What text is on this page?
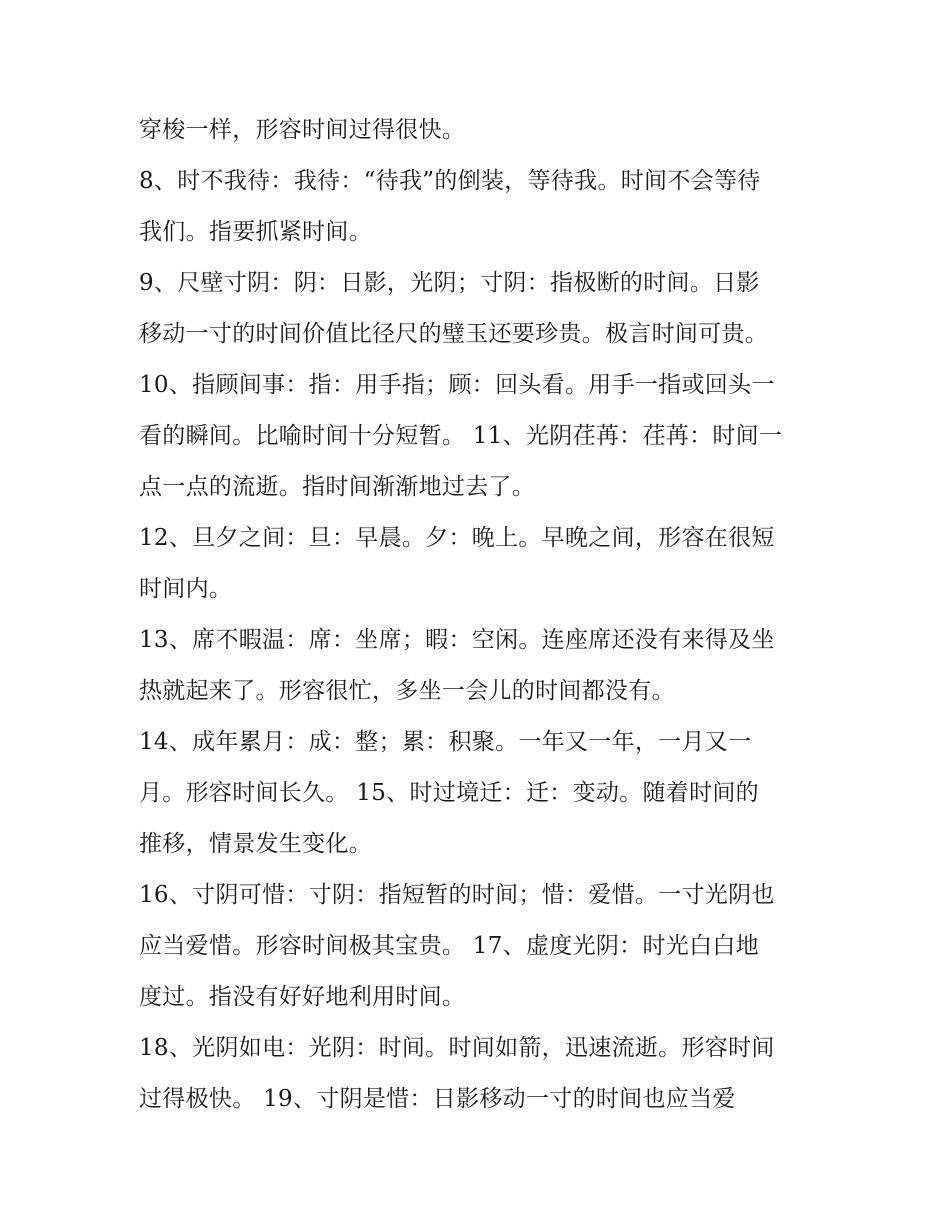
穿梭一样，形容时间过得很快。
8、时不我待：我待：“待我”的倒装，等待我。时间不会等待
我们。指要抓紧时间。
9、尺壁寸阴：阴：日影，光阴；寸阴：指极断的时间。日影
移动一寸的时间价值比径尺的璧玉还要珍贵。极言时间可贵。
10、指顾间事：指：用手指；顾：回头看。用手一指或回头一
看的瞬间。比喻时间十分短暂。 11、光阴荏苒：荏苒：时间一
点一点的流逝。指时间渐渐地过去了。
12、旦夕之间：旦：早晨。夕：晚上。早晚之间，形容在很短
时间内。
13、席不暇温：席：坐席；暇：空闲。连座席还没有来得及坐
热就起来了。形容很忙，多坐一会儿的时间都没有。
14、成年累月：成：整；累：积聚。一年又一年，一月又一
月。形容时间长久。 15、时过境迁：迁：变动。随着时间的
推移，情景发生变化。
16、寸阴可惜：寸阴：指短暂的时间；惜：爱惜。一寸光阴也
应当爱惜。形容时间极其宝贵。 17、虚度光阴：时光白白地
度过。指没有好好地利用时间。
18、光阴如电：光阴：时间。时间如箭，迅速流逝。形容时间
过得极快。 19、寸阴是惜：日影移动一寸的时间也应当爱
